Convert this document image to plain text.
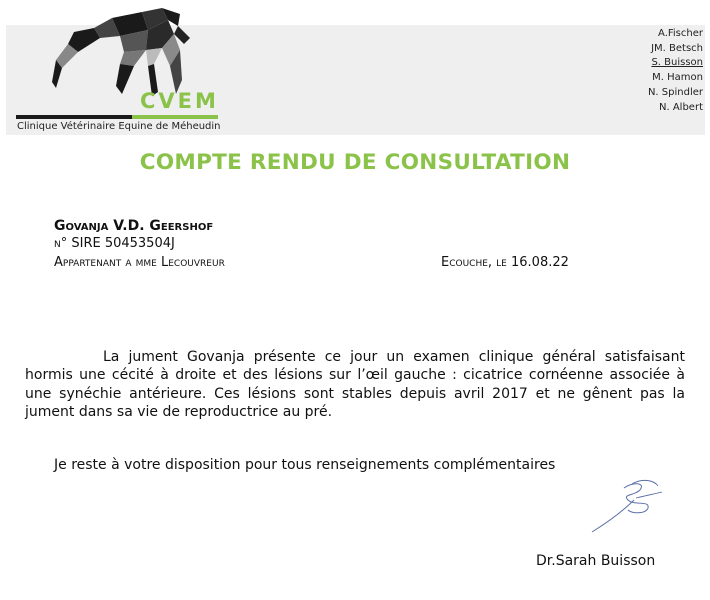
CVEM
Clinique Vétérinaire Equine de Méheudin
A.Fischer
JM. Betsch
S. Buisson
M. Hamon
N. Spindler
N. Albert
COMPTE RENDU DE CONSULTATION
Govanja V.D. Geershof
n° SIRE 50453504J
Appartenant a mme Lecouvreur	Ecouche, le 16.08.22

La jument Govanja présente ce jour un examen clinique général satisfaisant hormis une cécité à droite et des lésions sur l’œil gauche : cicatrice cornéenne associée à une synéchie antérieure. Ces lésions sont stables depuis avril 2017 et ne gênent pas la jument dans sa vie de reproductrice au pré.

Je reste à votre disposition pour tous renseignements complémentaires
Dr.Sarah Buisson
